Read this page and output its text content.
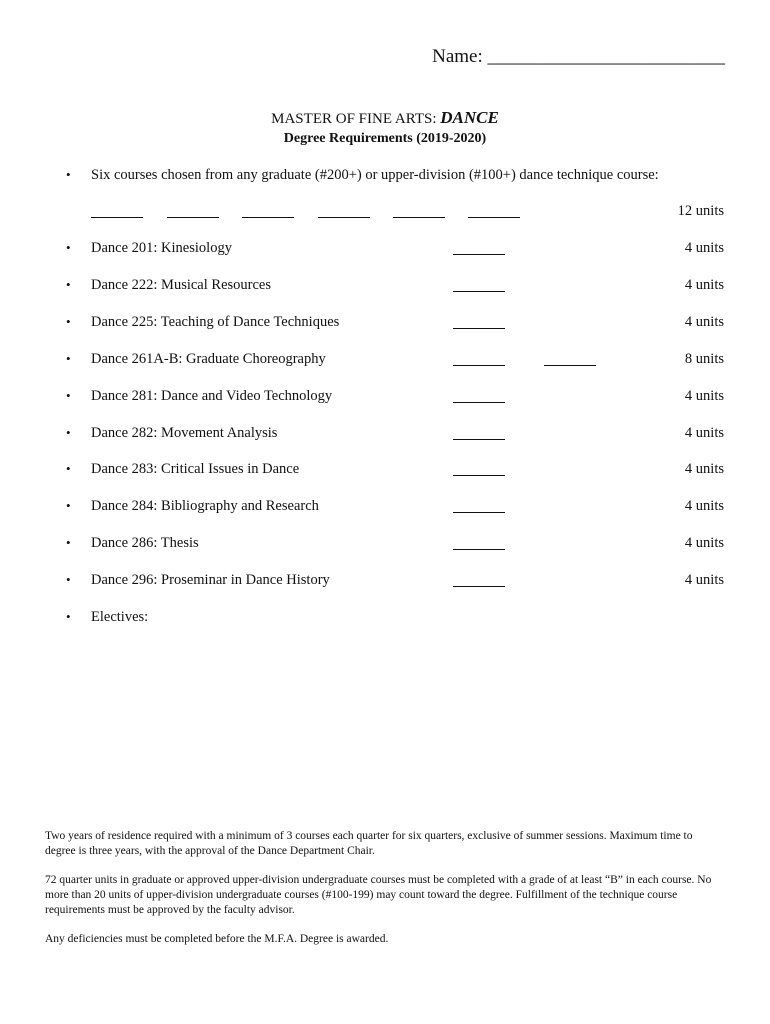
Name: _________________________
MASTER OF FINE ARTS: DANCE
Degree Requirements (2019-2020)
• Six courses chosen from any graduate (#200+) or upper-division (#100+) dance technique course:
12 units
• Dance 201: Kinesiology	4 units
• Dance 222: Musical Resources	4 units
• Dance 225: Teaching of Dance Techniques	4 units
• Dance 261A-B: Graduate Choreography	8 units
• Dance 281: Dance and Video Technology	4 units
• Dance 282: Movement Analysis	4 units
• Dance 283: Critical Issues in Dance	4 units
• Dance 284: Bibliography and Research	4 units
• Dance 286: Thesis	4 units
• Dance 296: Proseminar in Dance History	4 units
• Electives:

Two years of residence required with a minimum of 3 courses each quarter for six quarters, exclusive of summer sessions. Maximum time to degree is three years, with the approval of the Dance Department Chair.

72 quarter units in graduate or approved upper-division undergraduate courses must be completed with a grade of at least “B” in each course. No more than 20 units of upper-division undergraduate courses (#100-199) may count toward the degree. Fulfillment of the technique course requirements must be approved by the faculty advisor.

Any deficiencies must be completed before the M.F.A. Degree is awarded.
